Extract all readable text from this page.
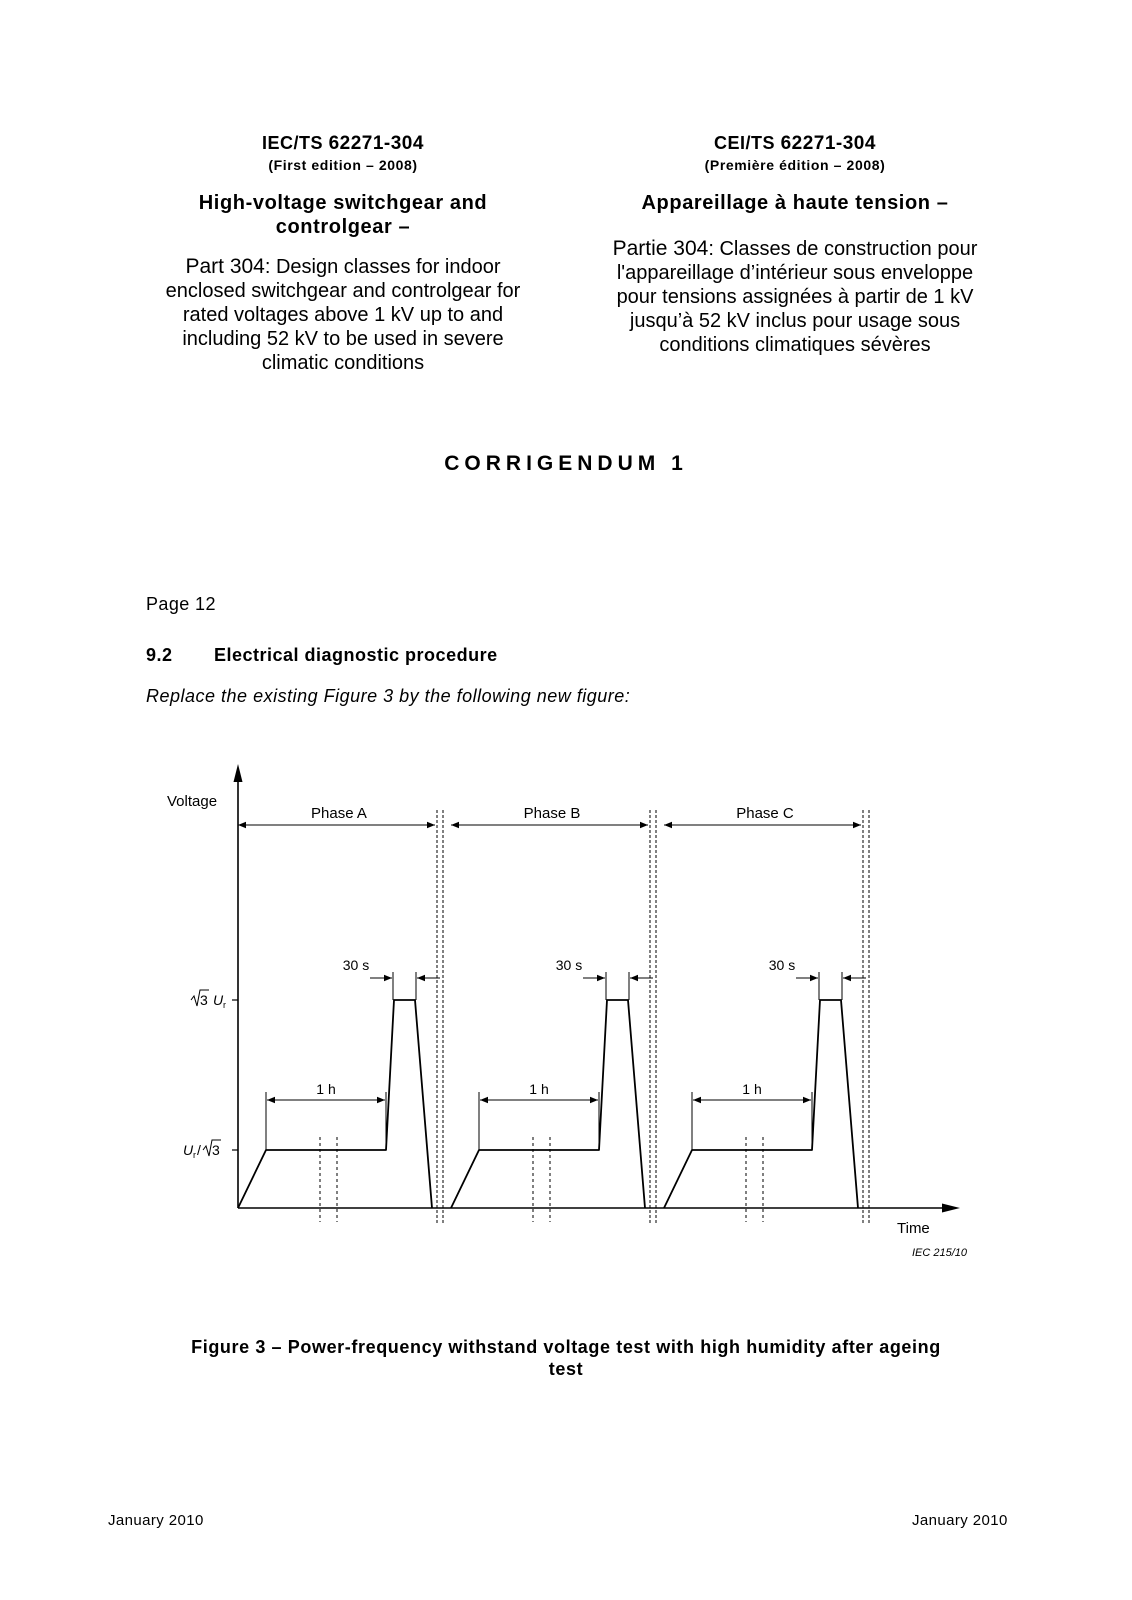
IEC/TS 62271-304
(First edition – 2008)
High-voltage switchgear and
controlgear –
Part 304: Design classes for indoor
enclosed switchgear and controlgear for
rated voltages above 1 kV up to and
including 52 kV to be used in severe
climatic conditions
CEI/TS 62271-304
(Première édition – 2008)
Appareillage à haute tension –
Partie 304: Classes de construction pour
l'appareillage d’intérieur sous enveloppe
pour tensions assignées à partir de 1 kV
jusqu’à 52 kV inclus pour usage sous
conditions climatiques sévères
CORRIGENDUM 1
Page 12
9.2 Electrical diagnostic procedure
Replace the existing Figure 3 by the following new figure:
Voltage
Time
3 U r
U r / 3
Phase A
1 h
30 s
Phase B
1 h
30 s
Phase C
1 h
30 s
IEC 215/10
Figure 3 – Power-frequency withstand voltage test with high humidity after ageing
test
January 2010	January 2010
